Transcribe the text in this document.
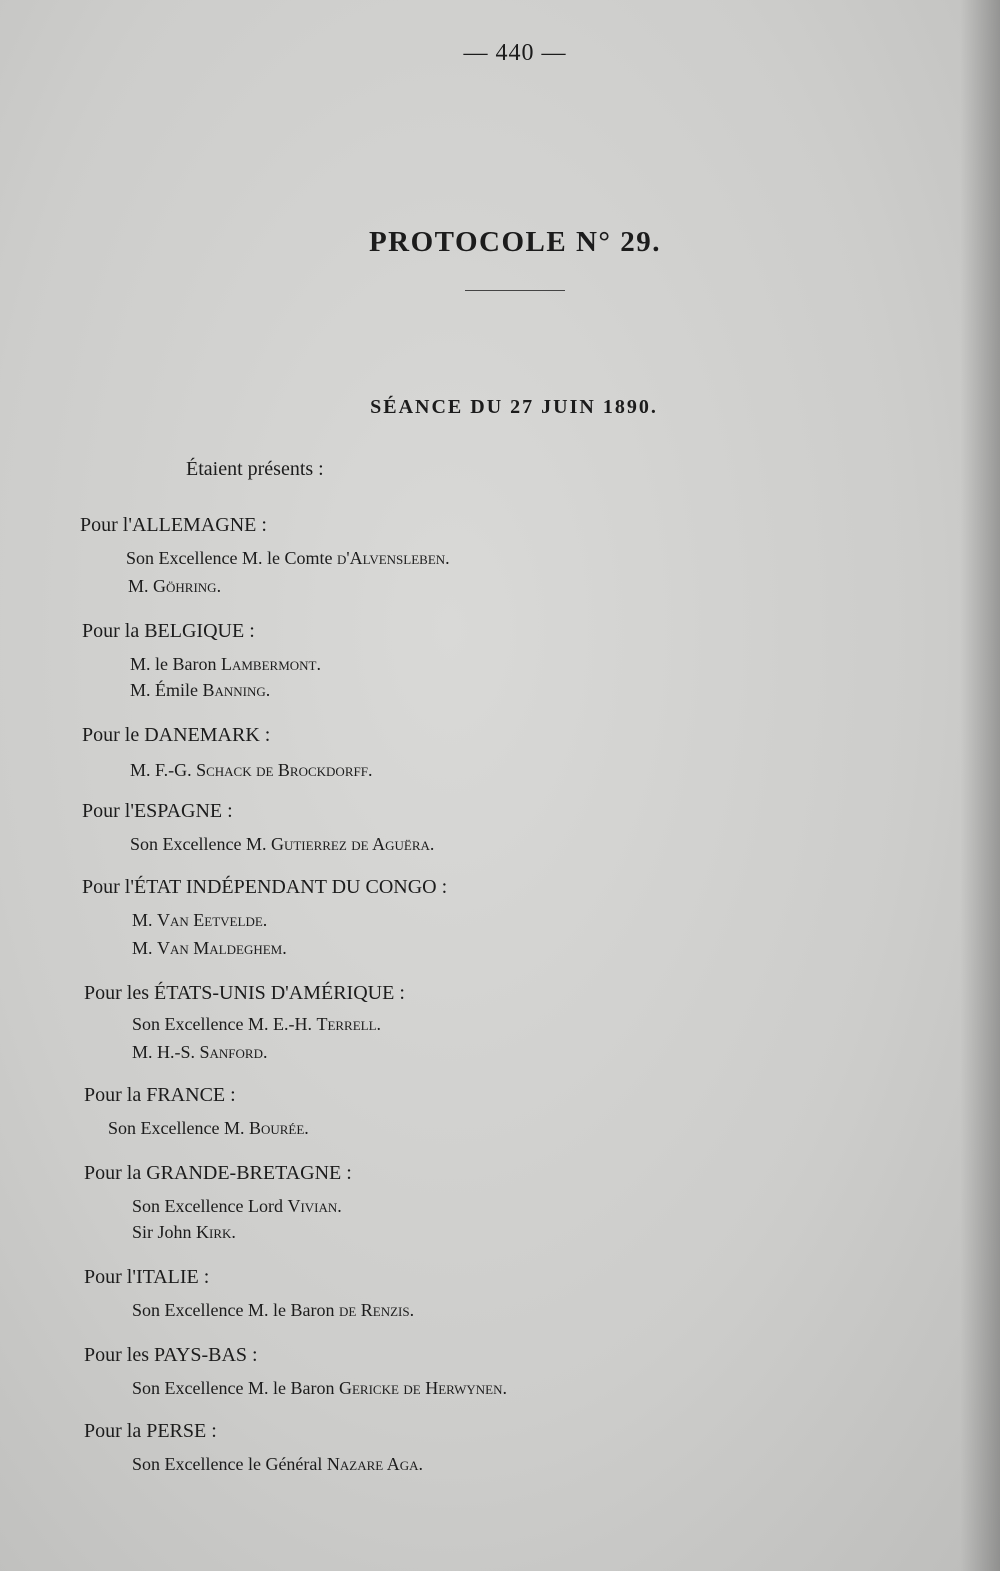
— 440 —
PROTOCOLE N° 29.
SÉANCE DU 27 JUIN 1890.
Étaient présents :
Pour l'ALLEMAGNE :
Son Excellence M. le Comte d'Alvensleben.
M. Göhring.
Pour la BELGIQUE :
M. le Baron Lambermont.
M. Émile Banning.
Pour le DANEMARK :
M. F.-G. Schack de Brockdorff.
Pour l'ESPAGNE :
Son Excellence M. Gutierrez de Aguëra.
Pour l'ÉTAT INDÉPENDANT DU CONGO :
M. Van Eetvelde.
M. Van Maldeghem.
Pour les ÉTATS-UNIS D'AMÉRIQUE :
Son Excellence M. E.-H. Terrell.
M. H.-S. Sanford.
Pour la FRANCE :
Son Excellence M. Bourée.
Pour la GRANDE-BRETAGNE :
Son Excellence Lord Vivian.
Sir John Kirk.
Pour l'ITALIE :
Son Excellence M. le Baron de Renzis.
Pour les PAYS-BAS :
Son Excellence M. le Baron Gericke de Herwynen.
Pour la PERSE :
Son Excellence le Général Nazare Aga.
